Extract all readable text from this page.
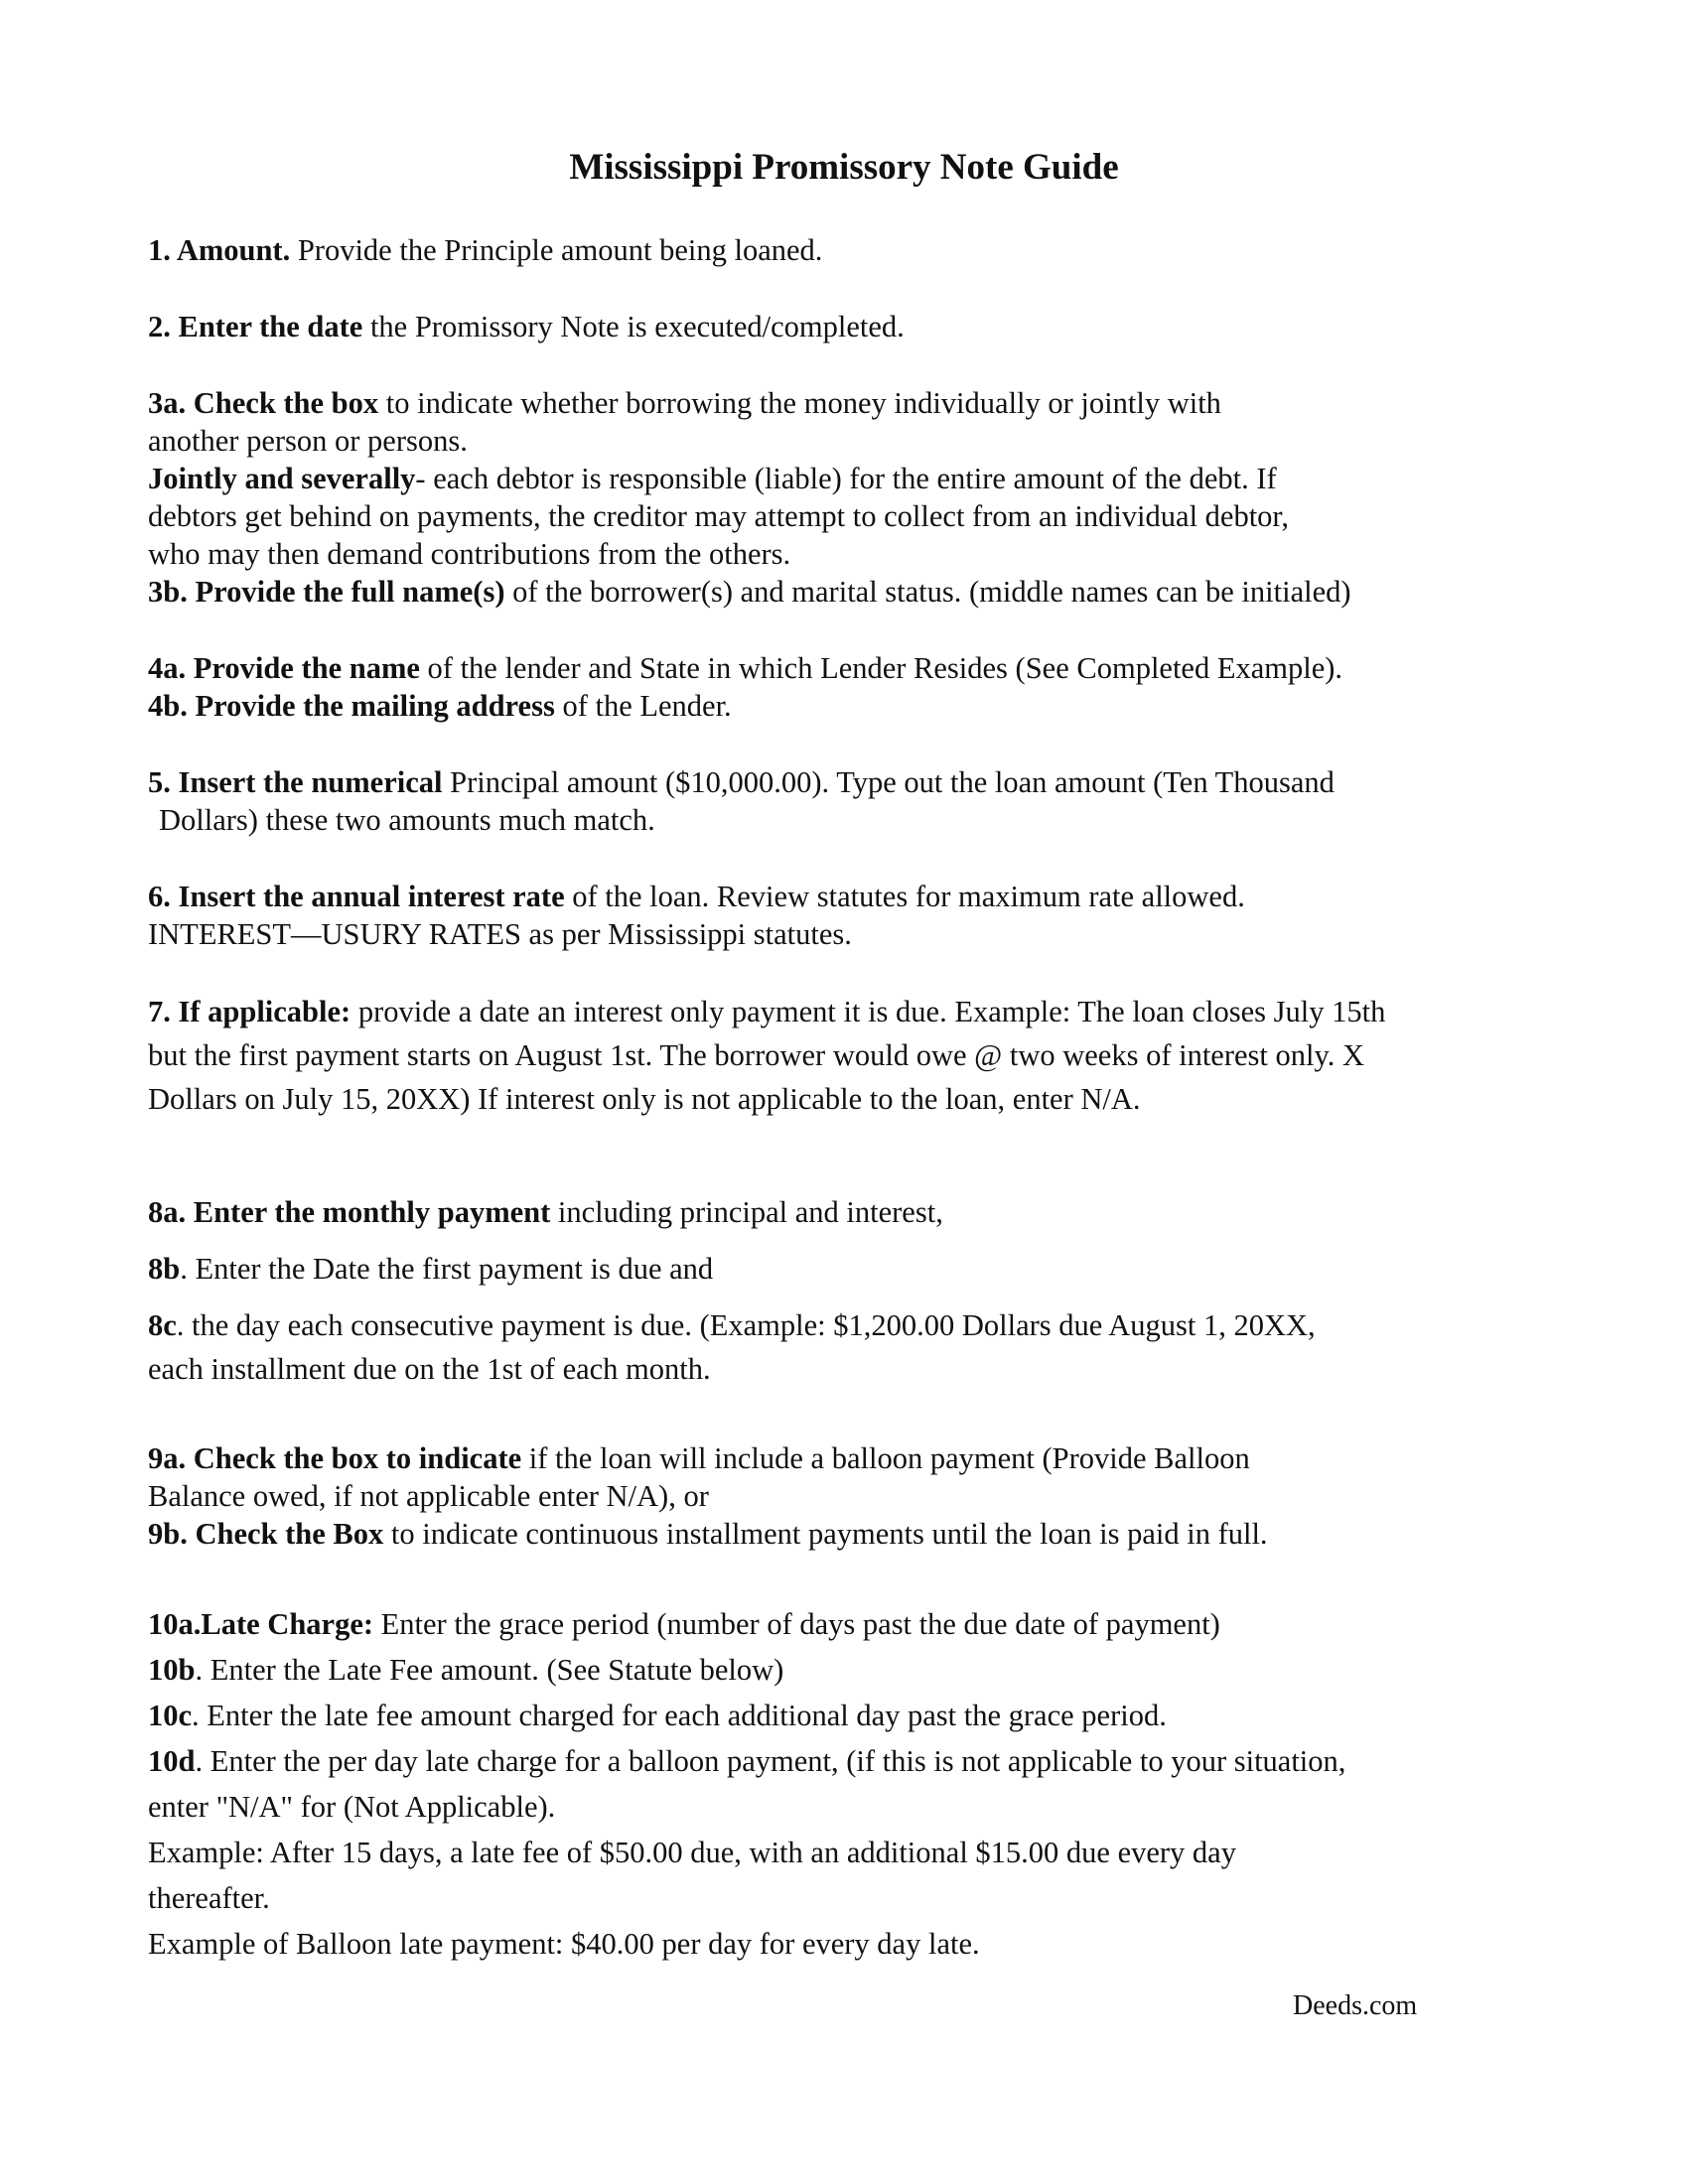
Mississippi Promissory Note Guide
1. Amount. Provide the Principle amount being loaned.
2. Enter the date the Promissory Note is executed/completed.
3a. Check the box to indicate whether borrowing the money individually or jointly with
another person or persons.
Jointly and severally- each debtor is responsible (liable) for the entire amount of the debt. If
debtors get behind on payments, the creditor may attempt to collect from an individual debtor,
who may then demand contributions from the others.
3b. Provide the full name(s) of the borrower(s) and marital status. (middle names can be initialed)
4a. Provide the name of the lender and State in which Lender Resides (See Completed Example).
4b. Provide the mailing address of the Lender.
5. Insert the numerical Principal amount ($10,000.00). Type out the loan amount (Ten Thousand
Dollars) these two amounts much match.
6. Insert the annual interest rate of the loan. Review statutes for maximum rate allowed.
INTEREST—USURY RATES as per Mississippi statutes.
7. If applicable: provide a date an interest only payment it is due. Example: The loan closes July 15th
but the first payment starts on August 1st. The borrower would owe @ two weeks of interest only. X
Dollars on July 15, 20XX) If interest only is not applicable to the loan, enter N/A.
8a. Enter the monthly payment including principal and interest,
8b. Enter the Date the first payment is due and
8c. the day each consecutive payment is due. (Example: $1,200.00 Dollars due August 1, 20XX,
each installment due on the 1st of each month.
9a. Check the box to indicate if the loan will include a balloon payment (Provide Balloon
Balance owed, if not applicable enter N/A), or
9b. Check the Box to indicate continuous installment payments until the loan is paid in full.
10a.Late Charge: Enter the grace period (number of days past the due date of payment)
10b. Enter the Late Fee amount. (See Statute below)
10c. Enter the late fee amount charged for each additional day past the grace period.
10d. Enter the per day late charge for a balloon payment, (if this is not applicable to your situation,
enter "N/A" for (Not Applicable).
Example: After 15 days, a late fee of $50.00 due, with an additional $15.00 due every day
thereafter.
Example of Balloon late payment: $40.00 per day for every day late.
Deeds.com
